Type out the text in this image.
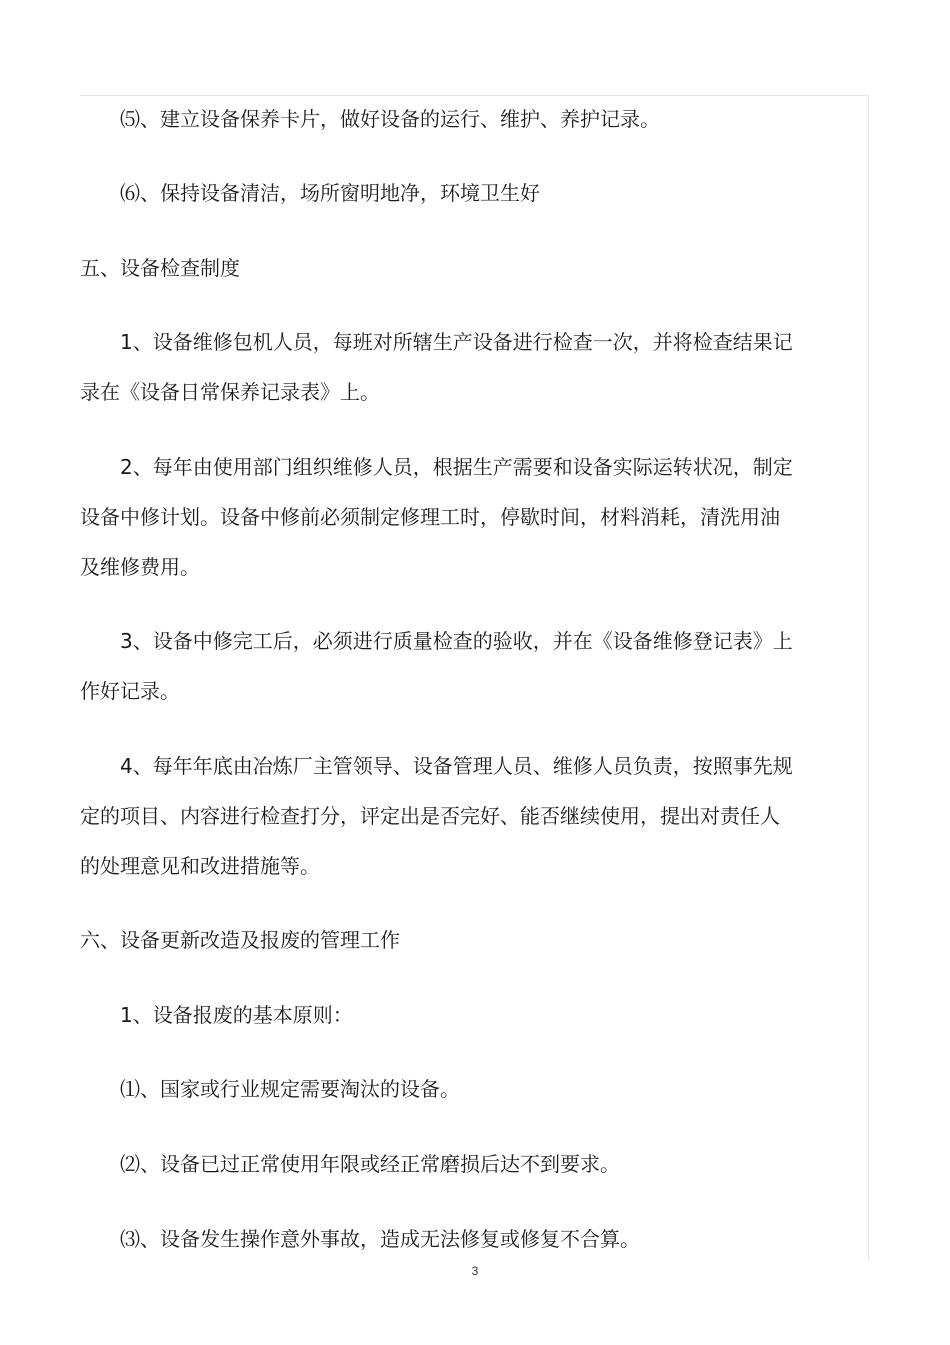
⑸、建立设备保养卡片，做好设备的运行、维护、养护记录。
⑹、保持设备清洁，场所窗明地净，环境卫生好
五、设备检查制度
1、设备维修包机人员，每班对所辖生产设备进行检查一次，并将检查结果记
录在《设备日常保养记录表》上。
2、每年由使用部门组织维修人员，根据生产需要和设备实际运转状况，制定
设备中修计划。设备中修前必须制定修理工时，停歇时间，材料消耗，清洗用油
及维修费用。
3、设备中修完工后，必须进行质量检查的验收，并在《设备维修登记表》上
作好记录。
4、每年年底由冶炼厂主管领导、设备管理人员、维修人员负责，按照事先规
定的项目、内容进行检查打分，评定出是否完好、能否继续使用，提出对责任人
的处理意见和改进措施等。
六、设备更新改造及报废的管理工作
1、设备报废的基本原则：
⑴、国家或行业规定需要淘汰的设备。
⑵、设备已过正常使用年限或经正常磨损后达不到要求。
⑶、设备发生操作意外事故，造成无法修复或修复不合算。
3
